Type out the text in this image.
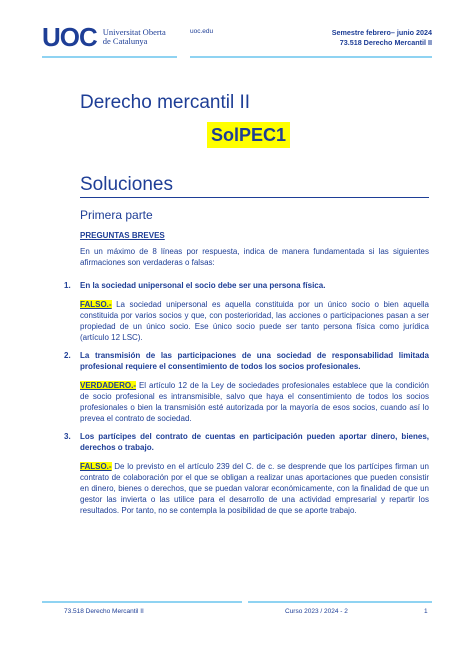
UOC Universitat Oberta
de Catalunya
uoc.edu	Semestre febrero– junio 2024
73.518 Derecho Mercantil II
Derecho mercantil II
SolPEC1
Soluciones
Primera parte
PREGUNTAS BREVES
En un máximo de 8 líneas por respuesta, indica de manera fundamentada si las siguientes afirmaciones son verdaderas o falsas:
1.	En la sociedad unipersonal el socio debe ser una persona física.
FALSO.- La sociedad unipersonal es aquella constituida por un único socio o bien aquella constituida por varios socios y que, con posterioridad, las acciones o participaciones pasan a ser propiedad de un único socio. Ese único socio puede ser tanto persona física como jurídica (artículo 12 LSC).
2.	La transmisión de las participaciones de una sociedad de responsabilidad limitada profesional requiere el consentimiento de todos los socios profesionales.
VERDADERO.- El artículo 12 de la Ley de sociedades profesionales establece que la condición de socio profesional es intransmisible, salvo que haya el consentimiento de todos los socios profesionales o bien la transmisión esté autorizada por la mayoría de esos socios, cuando así lo prevea el contrato de sociedad.
3.	Los partícipes del contrato de cuentas en participación pueden aportar dinero, bienes, derechos o trabajo.
FALSO.- De lo previsto en el artículo 239 del C. de c. se desprende que los partícipes firman un contrato de colaboración por el que se obligan a realizar unas aportaciones que pueden consistir en dinero, bienes o derechos, que se puedan valorar económicamente, con la finalidad de que un gestor las invierta o las utilice para el desarrollo de una actividad empresarial y repartir los resultados. Por tanto, no se contempla la posibilidad de que se aporte trabajo.
73.518 Derecho Mercantil II	Curso 2023 / 2024 - 2	1
